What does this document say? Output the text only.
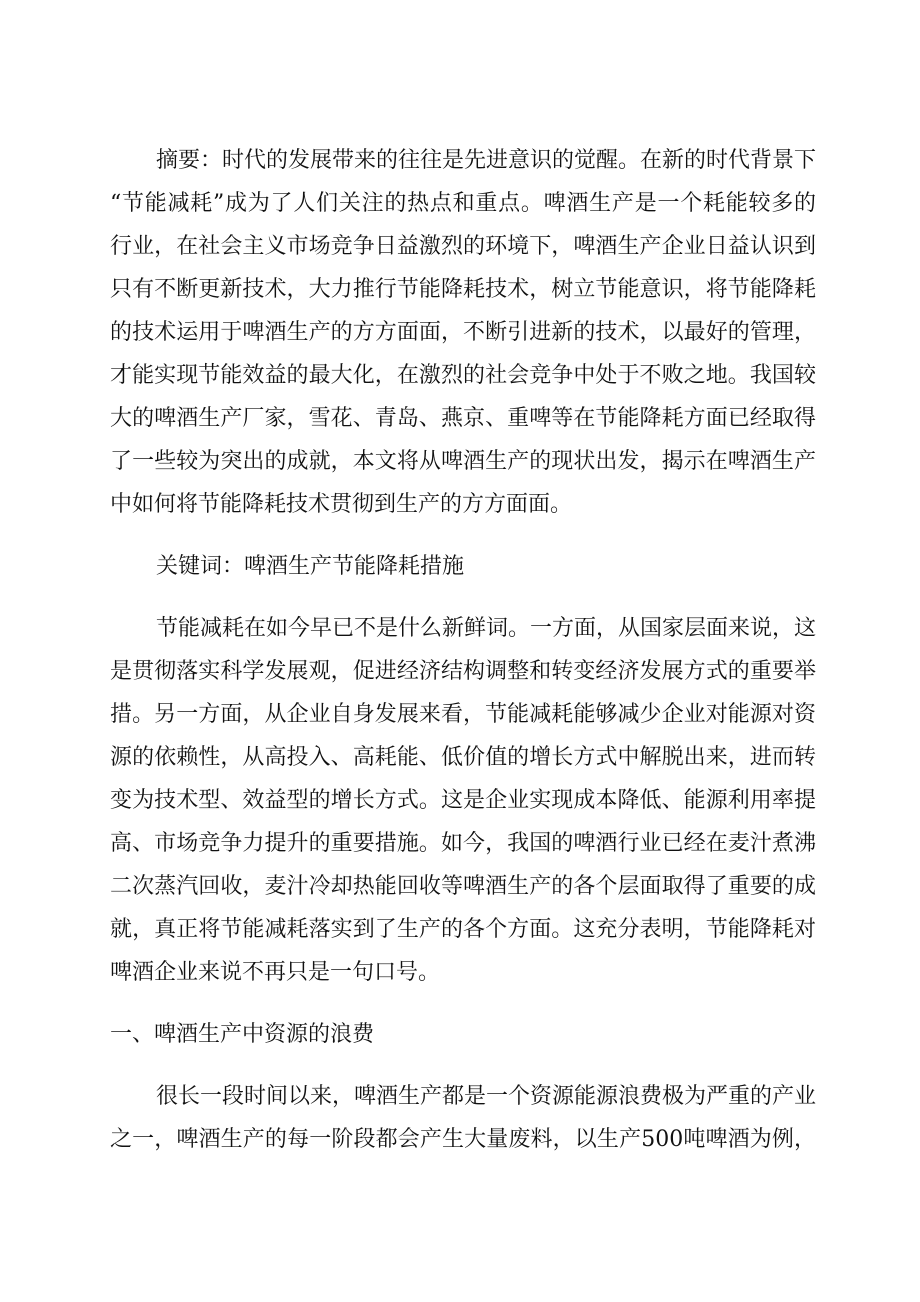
摘要：时代的发展带来的往往是先进意识的觉醒。在新的时代背景下
“节能减耗”成为了人们关注的热点和重点。啤酒生产是一个耗能较多的
行业，在社会主义市场竞争日益激烈的环境下，啤酒生产企业日益认识到
只有不断更新技术，大力推行节能降耗技术，树立节能意识，将节能降耗
的技术运用于啤酒生产的方方面面，不断引进新的技术，以最好的管理，
才能实现节能效益的最大化，在激烈的社会竞争中处于不败之地。我国较
大的啤酒生产厂家，雪花、青岛、燕京、重啤等在节能降耗方面已经取得
了一些较为突出的成就，本文将从啤酒生产的现状出发，揭示在啤酒生产
中如何将节能降耗技术贯彻到生产的方方面面。
关键词：啤酒生产节能降耗措施
节能减耗在如今早已不是什么新鲜词。一方面，从国家层面来说，这
是贯彻落实科学发展观，促进经济结构调整和转变经济发展方式的重要举
措。另一方面，从企业自身发展来看，节能减耗能够减少企业对能源对资
源的依赖性，从高投入、高耗能、低价值的增长方式中解脱出来，进而转
变为技术型、效益型的增长方式。这是企业实现成本降低、能源利用率提
高、市场竞争力提升的重要措施。如今，我国的啤酒行业已经在麦汁煮沸
二次蒸汽回收，麦汁冷却热能回收等啤酒生产的各个层面取得了重要的成
就，真正将节能减耗落实到了生产的各个方面。这充分表明，节能降耗对
啤酒企业来说不再只是一句口号。
一、啤酒生产中资源的浪费
很长一段时间以来，啤酒生产都是一个资源能源浪费极为严重的产业
之一，啤酒生产的每一阶段都会产生大量废料，以生产500吨啤酒为例，
